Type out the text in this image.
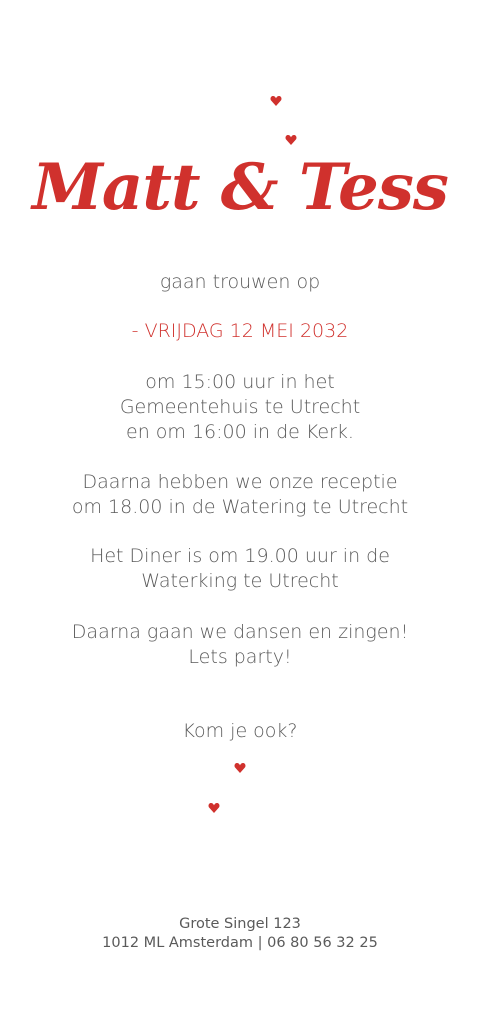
Matt & Tess

gaan trouwen op

- VRIJDAG 12 MEI 2032

om 15:00 uur in het

Gemeentehuis te Utrecht

en om 16:00 in de Kerk.

Daarna hebben we onze receptie

om 18.00 in de Watering te Utrecht

Het Diner is om 19.00 uur in de

Waterking te Utrecht

Daarna gaan we dansen en zingen!

Lets party!

Kom je ook?

Grote Singel 123
1012 ML Amsterdam | 06 80 56 32 25
